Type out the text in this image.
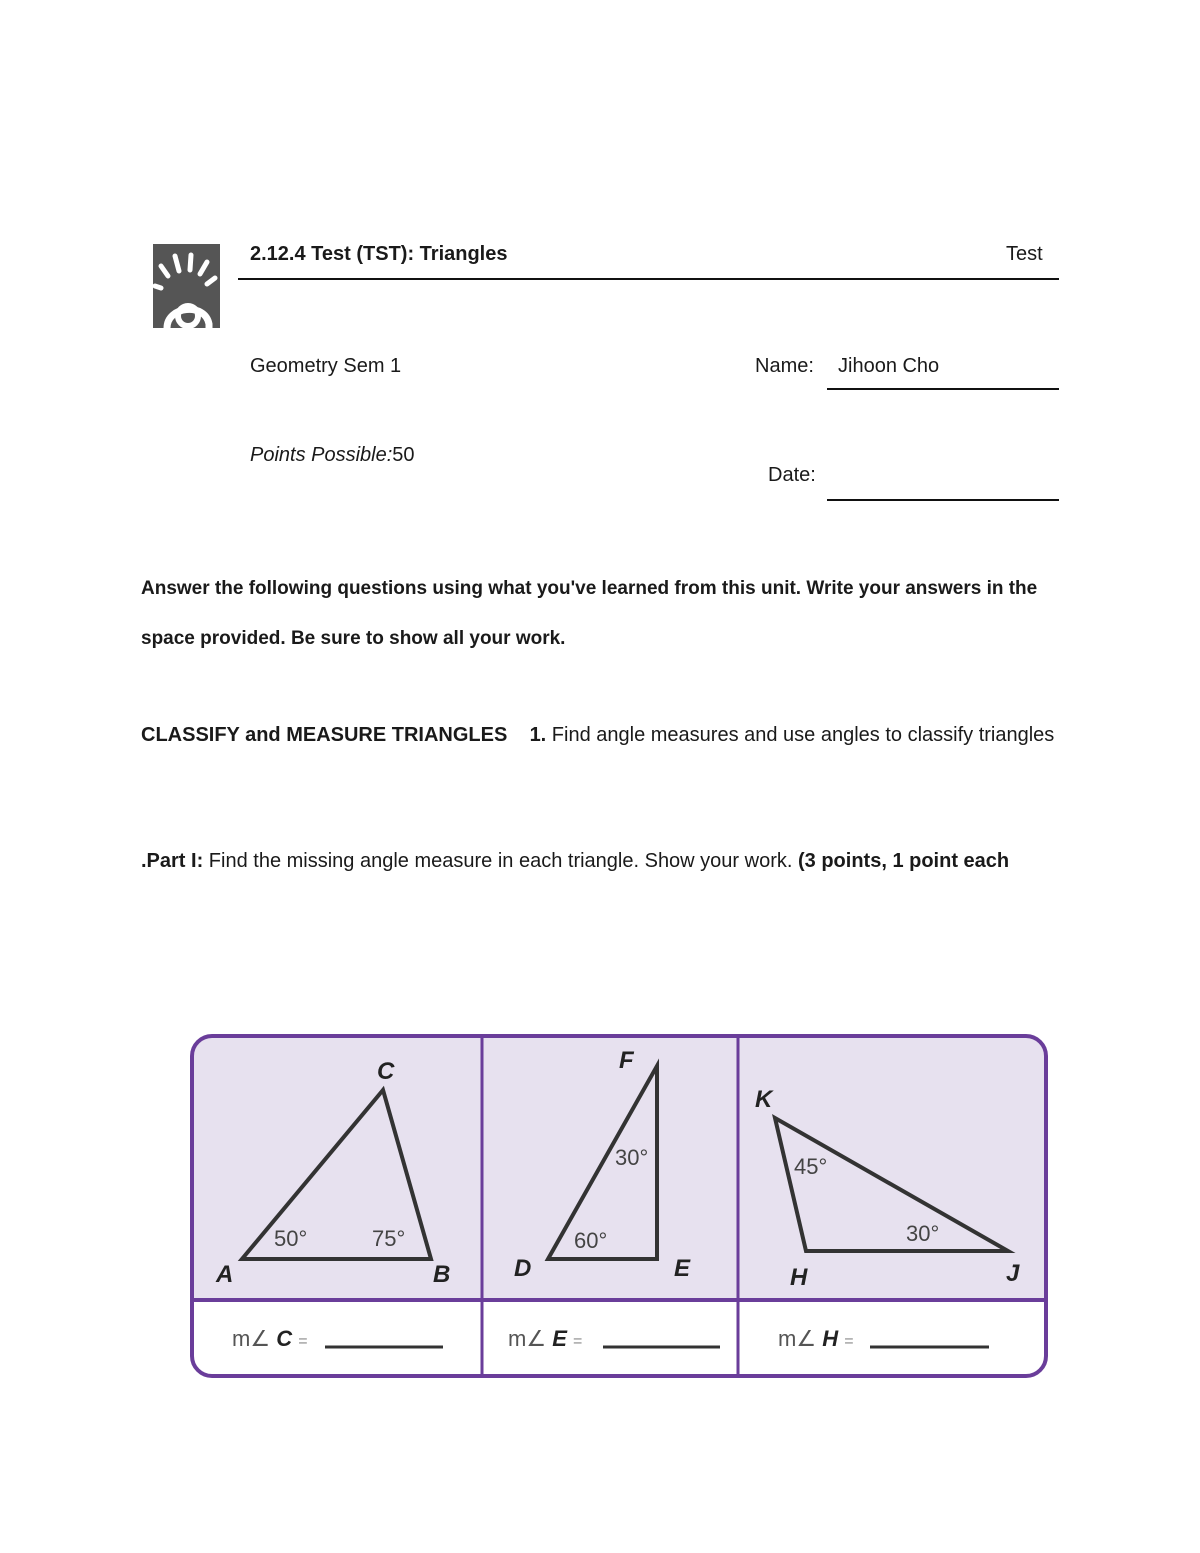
2.12.4 Test (TST): Triangles	Test
Geometry Sem 1	Name: Jihoon Cho
Points Possible:50
Date:
Answer the following questions using what you've learned from this unit. Write your answers in the space provided. Be sure to show all your work.
CLASSIFY and MEASURE TRIANGLES 1. Find angle measures and use angles to classify triangles
.Part I: Find the missing angle measure in each triangle. Show your work. (3 points, 1 point each
A	B
C
50°	75°
D	E
F
60°
30°
H	J
K
45°
30°
m∠ C =	m∠ E =	m∠ H =
